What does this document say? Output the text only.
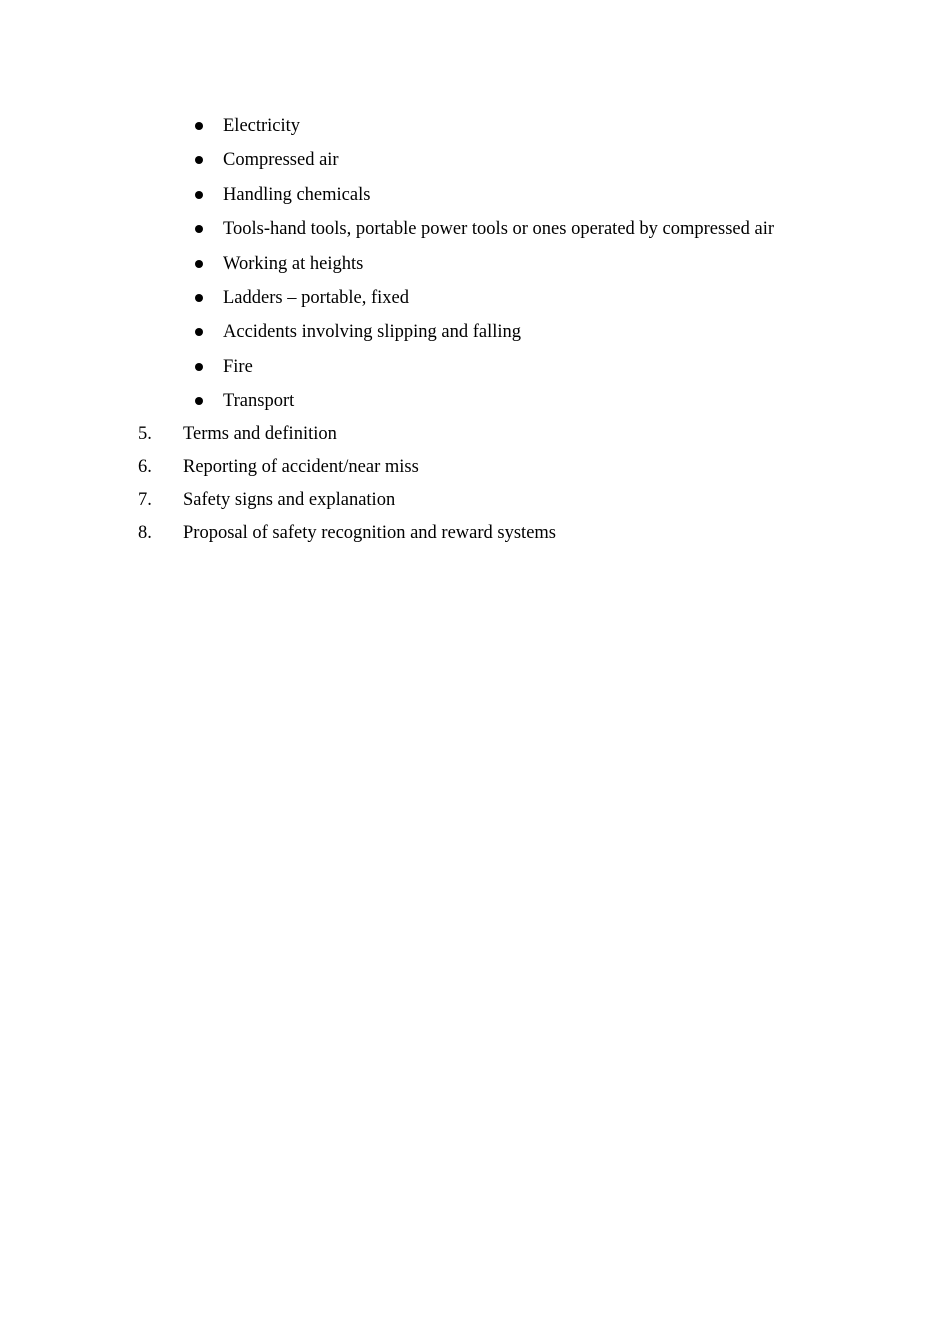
Electricity
Compressed air
Handling chemicals
Tools-hand tools, portable power tools or ones operated by compressed air
Working at heights
Ladders – portable, fixed
Accidents involving slipping and falling
Fire
Transport
5. Terms and definition
6. Reporting of accident/near miss
7. Safety signs and explanation
8. Proposal of safety recognition and reward systems
